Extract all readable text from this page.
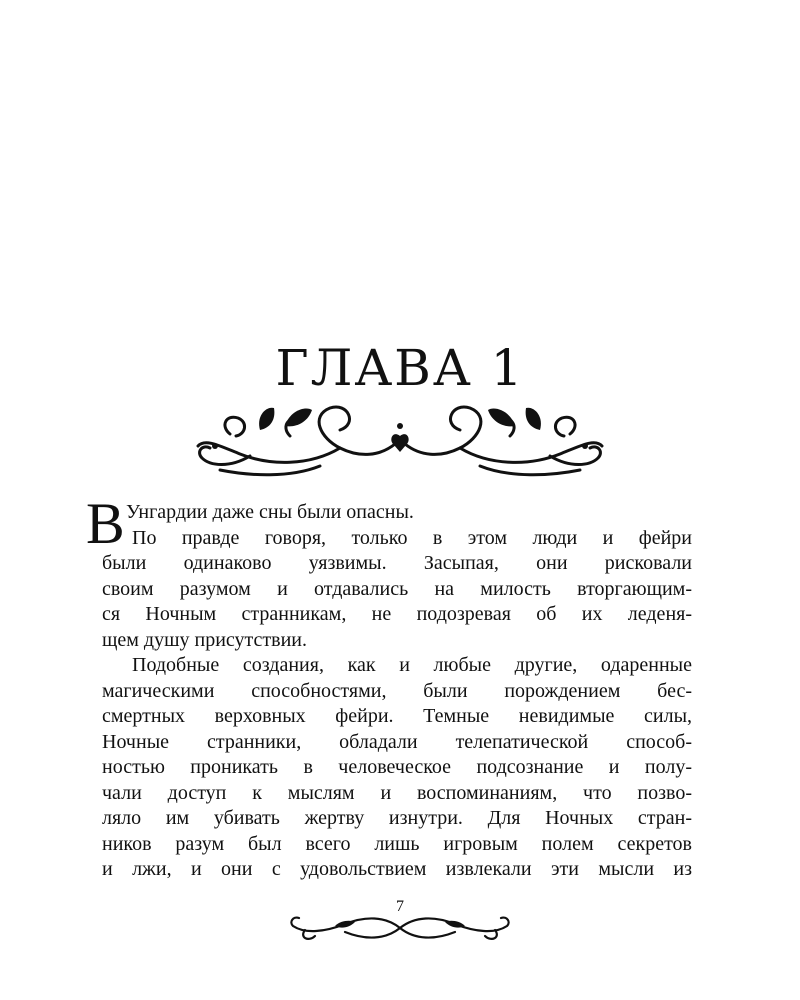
ГЛАВА 1
В Унгардии даже сны были опасны.
По правде говоря, только в этом люди и фейри
были одинаково уязвимы. Засыпая, они рисковали
своим разумом и отдавались на милость вторгающим-
ся Ночным странникам, не подозревая об их леденя-
щем душу присутствии.
Подобные создания, как и любые другие, одаренные
магическими способностями, были порождением бес-
смертных верховных фейри. Темные невидимые силы,
Ночные странники, обладали телепатической способ-
ностью проникать в человеческое подсознание и полу-
чали доступ к мыслям и воспоминаниям, что позво-
ляло им убивать жертву изнутри. Для Ночных стран-
ников разум был всего лишь игровым полем секретов
и лжи, и они с удовольствием извлекали эти мысли из
7
